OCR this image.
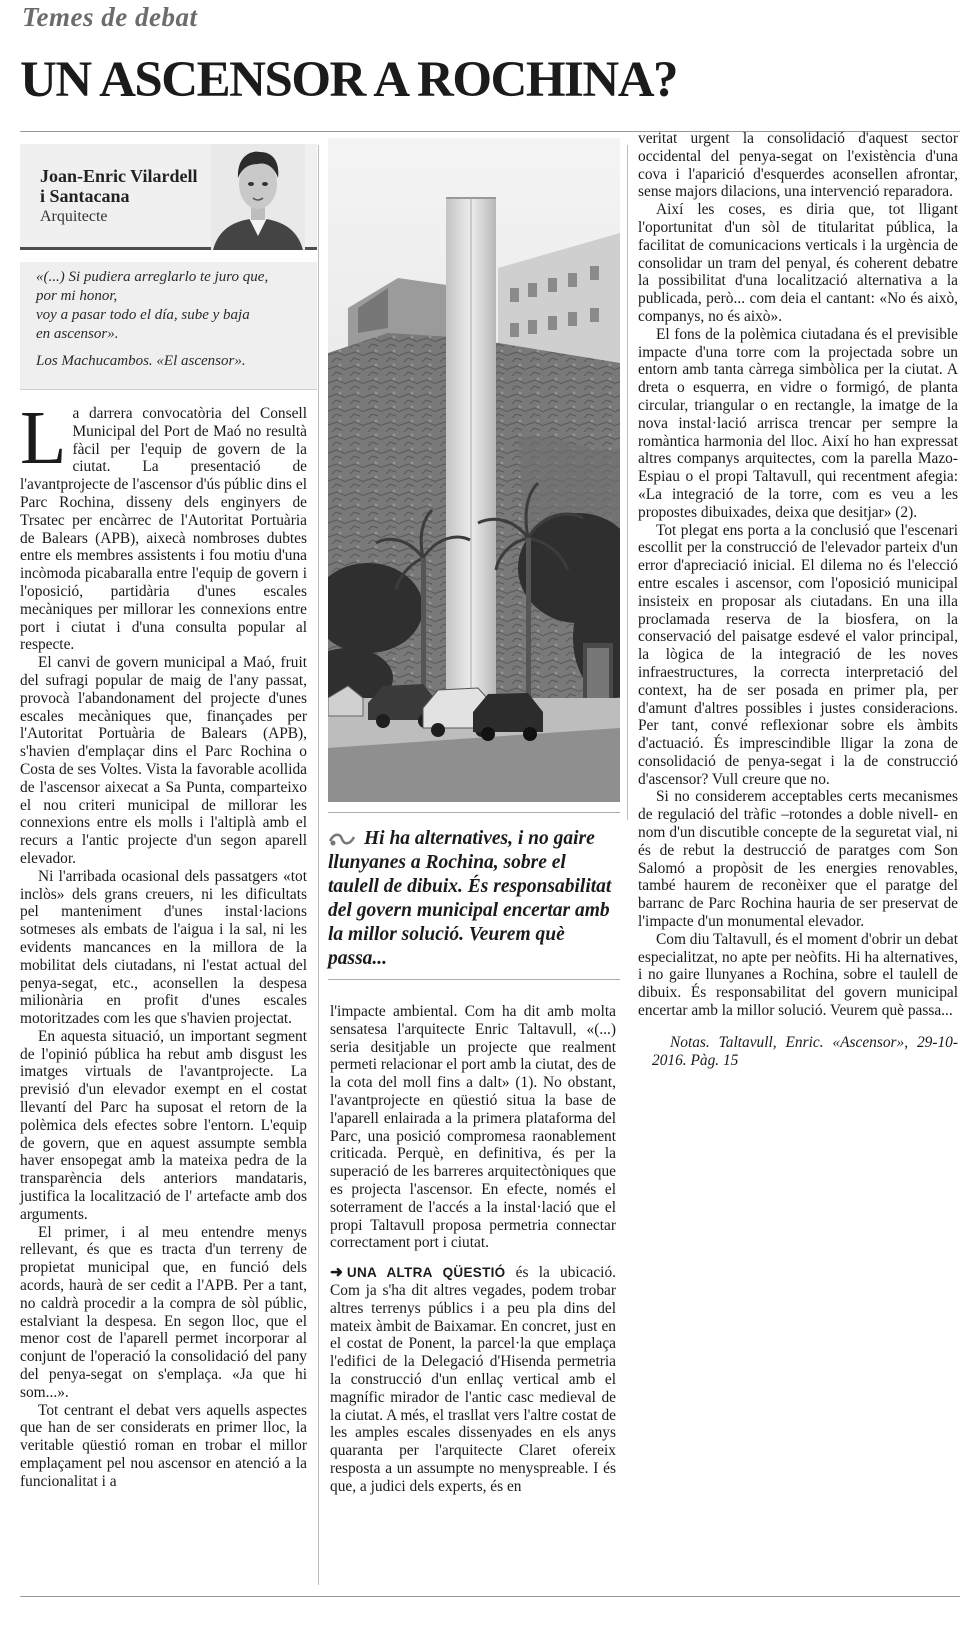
Temes de debat
UN ASCENSOR A ROCHINA?
Joan-Enric Vilardell
i Santacana
Arquitecte
«(...) Si pudiera arreglarlo te juro que,
por mi honor,
voy a pasar todo el día, sube y baja
en ascensor».
Los Machucambos. «El ascensor».

La darrera convocatòria del Consell Municipal del Port de Maó no resultà fàcil per l'equip de govern de la ciutat. La presentació de l'avantprojecte de l'ascensor d'ús públic dins el Parc Rochina, disseny dels enginyers de Trsatec per encàrrec de l'Autoritat Portuària de Balears (APB), aixecà nombroses dubtes entre els membres assistents i fou motiu d'una incòmoda picabaralla entre l'equip de govern i l'oposició, partidària d'unes escales mecàniques per millorar les connexions entre port i ciutat i d'una consulta popular al respecte.

El canvi de govern municipal a Maó, fruit del sufragi popular de maig de l'any passat, provocà l'abandonament del projecte d'unes escales mecàniques que, finançades per l'Autoritat Portuària de Balears (APB), s'havien d'emplaçar dins el Parc Rochina o Costa de ses Voltes. Vista la favorable acollida de l'ascensor aixecat a Sa Punta, comparteixo el nou criteri municipal de millorar les connexions entre els molls i l'altiplà amb el recurs a l'antic projecte d'un segon aparell elevador.

Ni l'arribada ocasional dels passatgers «tot inclòs» dels grans creuers, ni les dificultats pel manteniment d'unes instal·lacions sotmeses als embats de l'aigua i la sal, ni les evidents mancances en la millora de la mobilitat dels ciutadans, ni l'estat actual del penya-segat, etc., aconsellen la despesa milionària en profit d'unes escales motoritzades com les que s'havien projectat.

En aquesta situació, un important segment de l'opinió pública ha rebut amb disgust les imatges virtuals de l'avantprojecte. La previsió d'un elevador exempt en el costat llevantí del Parc ha suposat el retorn de la polèmica dels efectes sobre l'entorn. L'equip de govern, que en aquest assumpte sembla haver ensopegat amb la mateixa pedra de la transparència dels anteriors mandataris, justifica la localització de l' artefacte amb dos arguments.

El primer, i al meu entendre menys rellevant, és que es tracta d'un terreny de propietat municipal que, en funció dels acords, haurà de ser cedit a l'APB. Per a tant, no caldrà procedir a la compra de sòl públic, estalviant la despesa. En segon lloc, que el menor cost de l'aparell permet incorporar al conjunt de l'operació la consolidació del pany del penya-segat on s'emplaça. «Ja que hi som...».

Tot centrant el debat vers aquells aspectes que han de ser considerats en primer lloc, la veritable qüestió roman en trobar el millor emplaçament pel nou ascensor en atenció a la funcionalitat i a

Hi ha alternatives, i no gaire llunyanes a Rochina, sobre el taulell de dibuix. És responsabilitat del govern municipal encertar amb la millor solució. Veurem què passa...

l'impacte ambiental. Com ha dit amb molta sensatesa l'arquitecte Enric Taltavull, «(...) seria desitjable un projecte que realment permeti relacionar el port amb la ciutat, des de la cota del moll fins a dalt» (1). No obstant, l'avantprojecte en qüestió situa la base de l'aparell enlairada a la primera plataforma del Parc, una posició compromesa raonablement criticada. Perquè, en definitiva, és per la superació de les barreres arquitectòniques que es projecta l'ascensor. En efecte, només el soterrament de l'accés a la instal·lació que el propi Taltavull proposa permetria connectar correctament port i ciutat.

➜ UNA ALTRA QÜESTIÓ és la ubicació. Com ja s'ha dit altres vegades, podem trobar altres terrenys públics i a peu pla dins del mateix àmbit de Baixamar. En concret, just en el costat de Ponent, la parcel·la que emplaça l'edifici de la Delegació d'Hisenda permetria la construcció d'un enllaç vertical amb el magnífic mirador de l'antic casc medieval de la ciutat. A més, el trasllat vers l'altre costat de les amples escales dissenyades en els anys quaranta per l'arquitecte Claret ofereix resposta a un assumpte no menyspreable. I és que, a judici dels experts, és en

veritat urgent la consolidació d'aquest sector occidental del penya-segat on l'existència d'una cova i l'aparició d'esquerdes aconsellen afrontar, sense majors dilacions, una intervenció reparadora.

Així les coses, es diria que, tot lligant l'oportunitat d'un sòl de titularitat pública, la facilitat de comunicacions verticals i la urgència de consolidar un tram del penyal, és coherent debatre la possibilitat d'una localització alternativa a la publicada, però... com deia el cantant: «No és això, companys, no és això».

El fons de la polèmica ciutadana és el previsible impacte d'una torre com la projectada sobre un entorn amb tanta càrrega simbòlica per la ciutat. A dreta o esquerra, en vidre o formigó, de planta circular, triangular o en rectangle, la imatge de la nova instal·lació arrisca trencar per sempre la romàntica harmonia del lloc. Així ho han expressat altres companys arquitectes, com la parella Mazo-Espiau o el propi Taltavull, qui recentment afegia: «La integració de la torre, com es veu a les propostes dibuixades, deixa que desitjar» (2).

Tot plegat ens porta a la conclusió que l'escenari escollit per la construcció de l'elevador parteix d'un error d'apreciació inicial. El dilema no és l'elecció entre escales i ascensor, com l'oposició municipal insisteix en proposar als ciutadans. En una illa proclamada reserva de la biosfera, on la conservació del paisatge esdevé el valor principal, la lògica de la integració de les noves infraestructures, la correcta interpretació del context, ha de ser posada en primer pla, per d'amunt d'altres possibles i justes consideracions. Per tant, convé reflexionar sobre els àmbits d'actuació. És imprescindible lligar la zona de consolidació de penya-segat i la de construcció d'ascensor? Vull creure que no.

Si no considerem acceptables certs mecanismes de regulació del tràfic –rotondes a doble nivell- en nom d'un discutible concepte de la seguretat vial, ni és de rebut la destrucció de paratges com Son Salomó a propòsit de les energies renovables, també haurem de reconèixer que el paratge del barranc de Parc Rochina hauria de ser preservat de l'impacte d'un monumental elevador.

Com diu Taltavull, és el moment d'obrir un debat especialitzat, no apte per neòfits. Hi ha alternatives, i no gaire llunyanes a Rochina, sobre el taulell de dibuix. És responsabilitat del govern municipal encertar amb la millor solució. Veurem què passa...

Notas. Taltavull, Enric. «Ascensor», 29-10-2016. Pàg. 15
